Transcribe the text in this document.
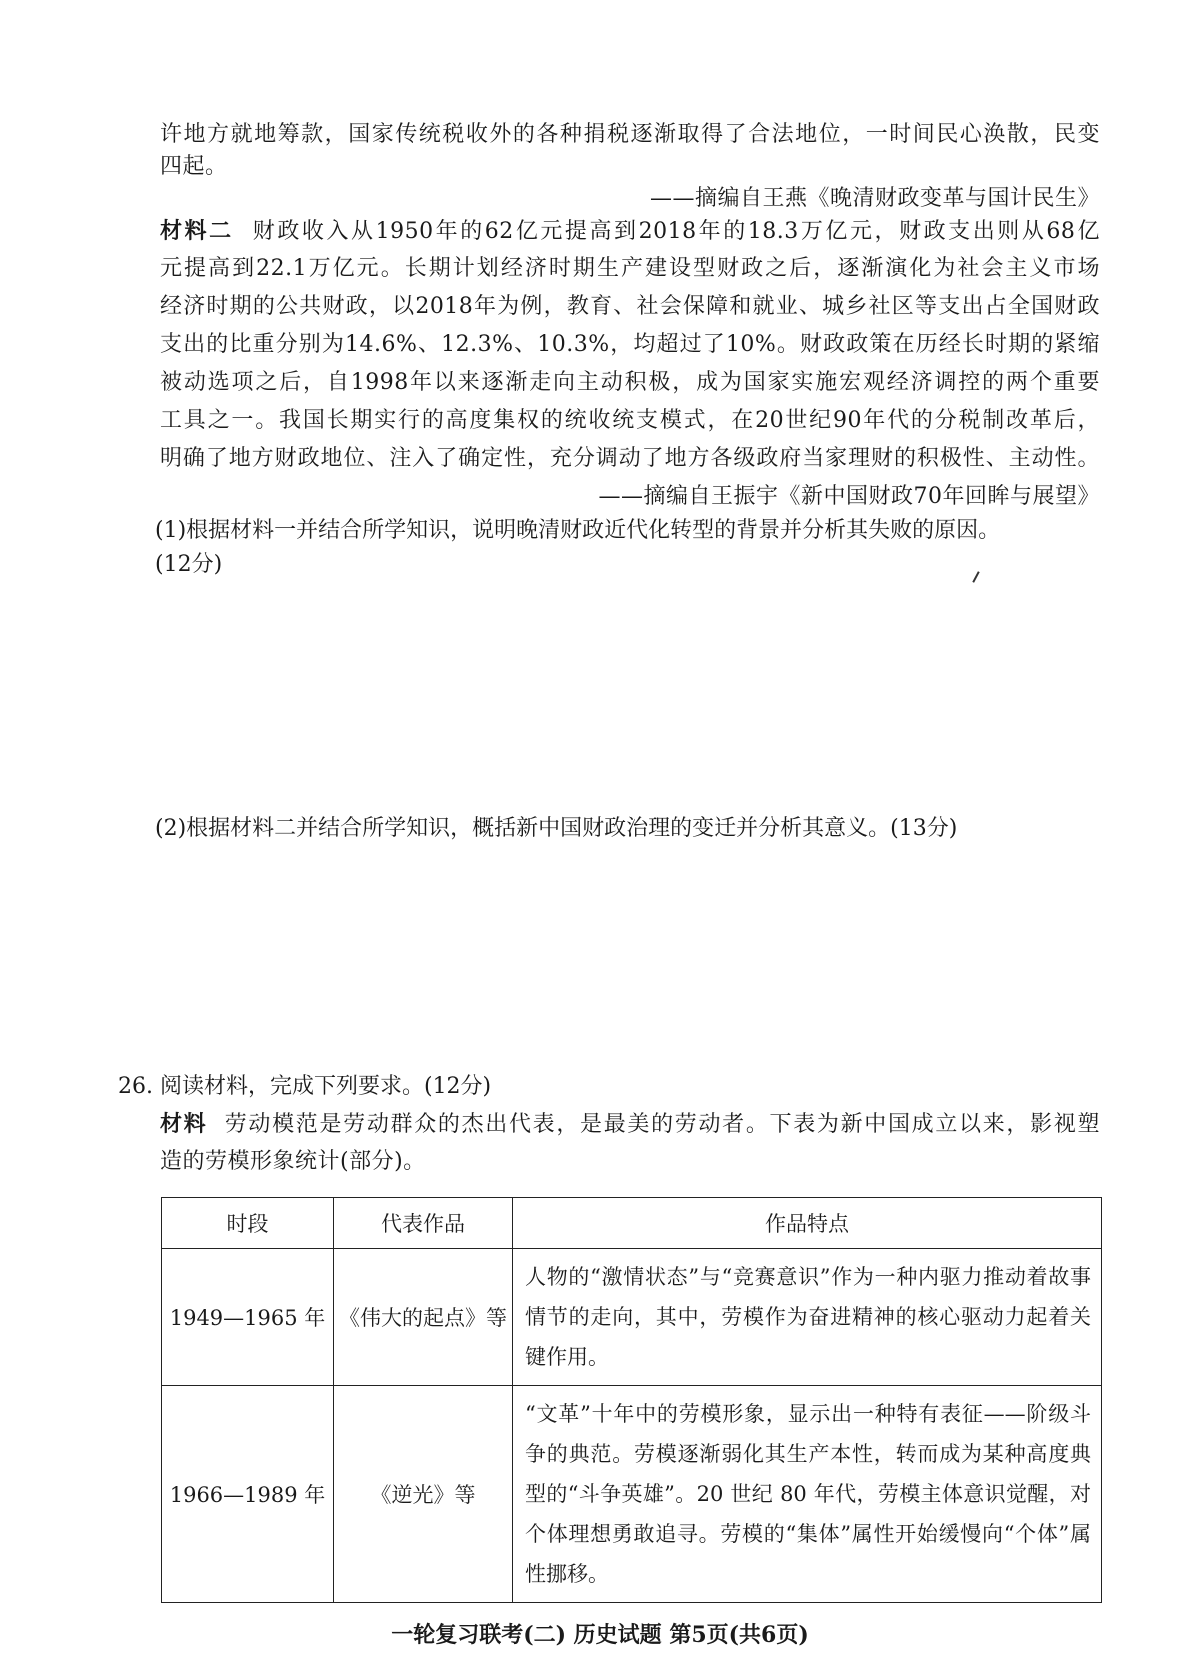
许地方就地筹款，国家传统税收外的各种捐税逐渐取得了合法地位，一时间民心涣散，民变
四起。
——摘编自王燕《晚清财政变革与国计民生》
材料二 财政收入从1950年的62亿元提高到2018年的18.3万亿元，财政支出则从68亿
元提高到22.1万亿元。长期计划经济时期生产建设型财政之后，逐渐演化为社会主义市场
经济时期的公共财政，以2018年为例，教育、社会保障和就业、城乡社区等支出占全国财政
支出的比重分别为14.6%、12.3%、10.3%，均超过了10%。财政政策在历经长时期的紧缩
被动选项之后，自1998年以来逐渐走向主动积极，成为国家实施宏观经济调控的两个重要
工具之一。我国长期实行的高度集权的统收统支模式，在20世纪90年代的分税制改革后，
明确了地方财政地位、注入了确定性，充分调动了地方各级政府当家理财的积极性、主动性。
——摘编自王振宇《新中国财政70年回眸与展望》
(1)根据材料一并结合所学知识，说明晚清财政近代化转型的背景并分析其失败的原因。
(12分)
(2)根据材料二并结合所学知识，概括新中国财政治理的变迁并分析其意义。(13分)
26. 阅读材料，完成下列要求。(12分)
材料 劳动模范是劳动群众的杰出代表，是最美的劳动者。下表为新中国成立以来，影视塑
造的劳模形象统计(部分)。
时段	代表作品	作品特点
1949—1965 年	《伟大的起点》等	人物的“激情状态”与“竞赛意识”作为一种内驱力推动着故事情节的走向，其中，劳模作为奋进精神的核心驱动力起着关键作用。
1966—1989 年	《逆光》等	“文革”十年中的劳模形象，显示出一种特有表征——阶级斗争的典范。劳模逐渐弱化其生产本性，转而成为某种高度典型的“斗争英雄”。20 世纪 80 年代，劳模主体意识觉醒，对个体理想勇敢追寻。劳模的“集体”属性开始缓慢向“个体”属性挪移。
一轮复习联考(二) 历史试题 第5页(共6页)
